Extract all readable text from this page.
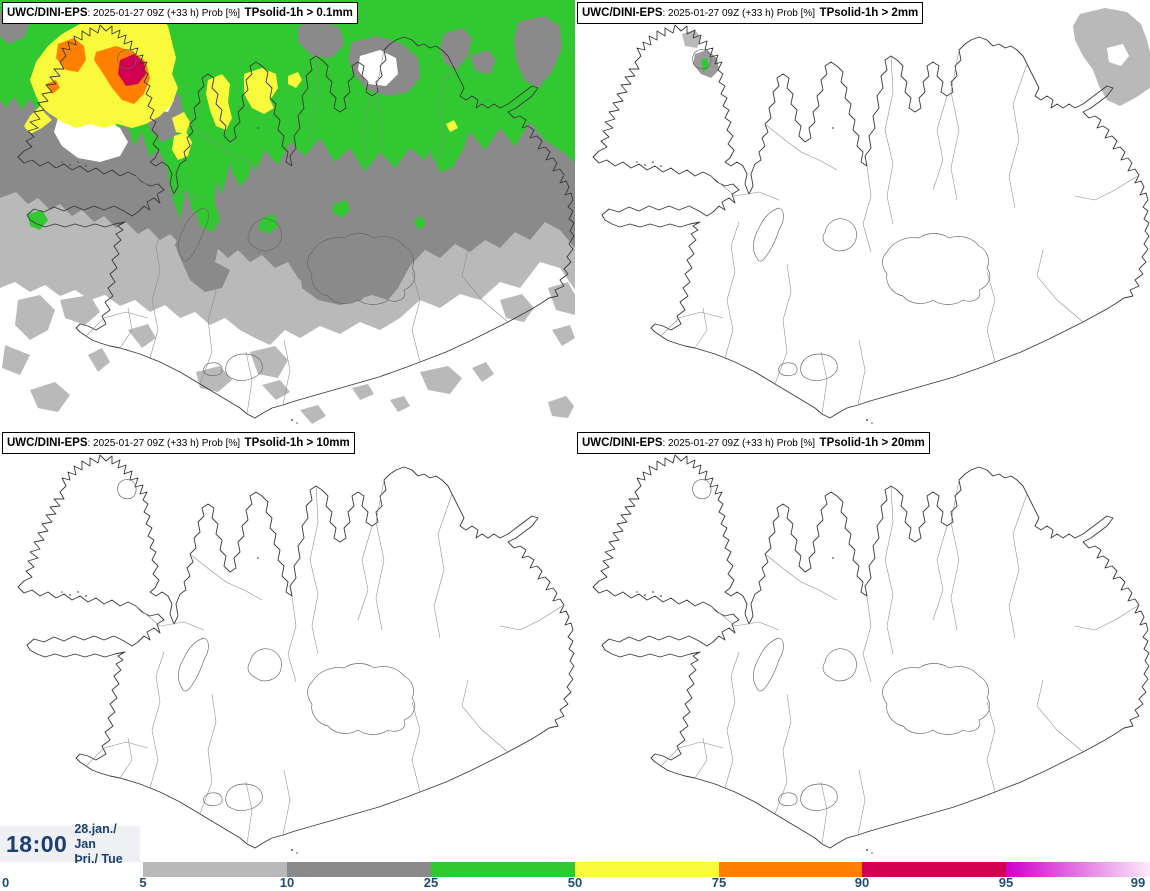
UWC/DINI-EPS: 2025-01-27 09Z (+33 h) Prob [%] TPsolid-1h > 0.1mm	UWC/DINI-EPS: 2025-01-27 09Z (+33 h) Prob [%] TPsolid-1h > 2mm
UWC/DINI-EPS: 2025-01-27 09Z (+33 h) Prob [%] TPsolid-1h > 10mm	UWC/DINI-EPS: 2025-01-27 09Z (+33 h) Prob [%] TPsolid-1h > 20mm
18:00
28.jan./ Jan
Þri./ Tue
0	5	10	25	50	75	90	95	99
